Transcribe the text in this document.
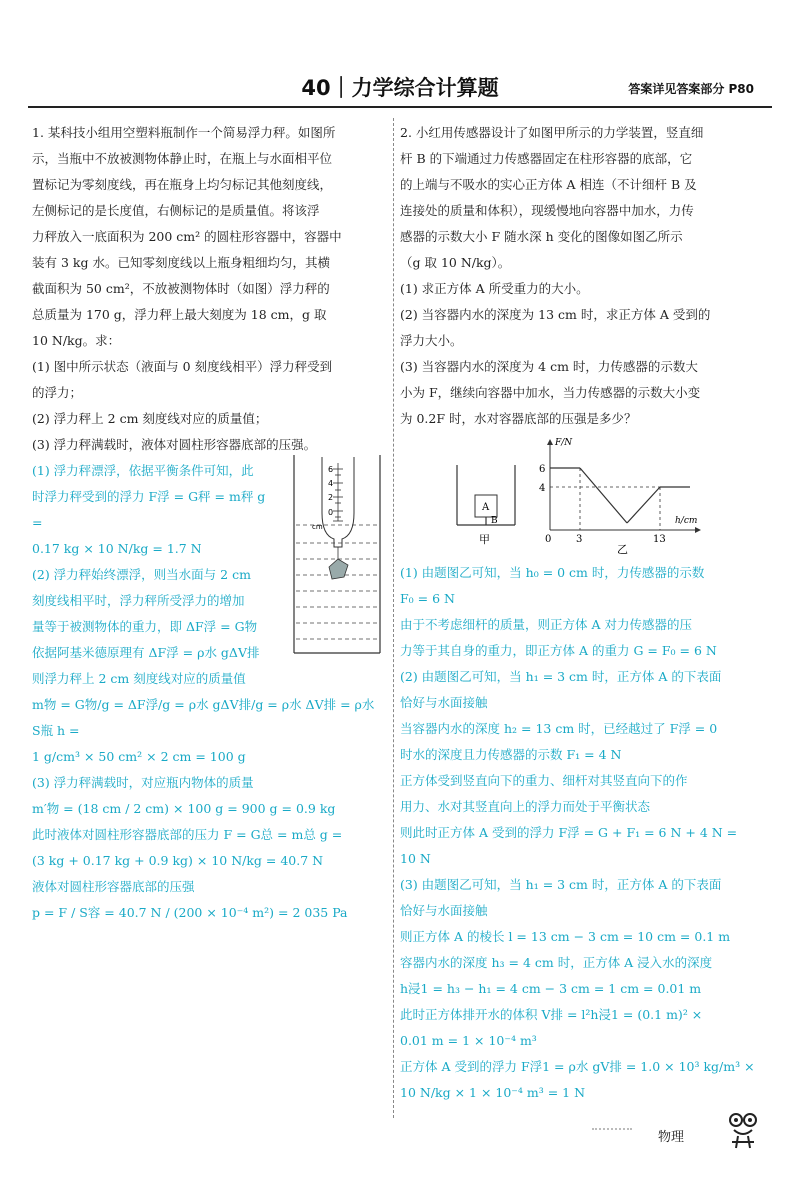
40｜力学综合计算题	答案详见答案部分 P80

1. 某科技小组用空塑料瓶制作一个简易浮力秤。如图所

示，当瓶中不放被测物体静止时，在瓶上与水面相平位

置标记为零刻度线，再在瓶身上均匀标记其他刻度线，

左侧标记的是长度值，右侧标记的是质量值。将该浮

力秤放入一底面积为 200 cm² 的圆柱形容器中，容器中

装有 3 kg 水。已知零刻度线以上瓶身粗细均匀，其横

截面积为 50 cm²，不放被测物体时（如图）浮力秤的

总质量为 170 g，浮力秤上最大刻度为 18 cm，g 取

10 N/kg。求：

(1) 图中所示状态（液面与 0 刻度线相平）浮力秤受到

的浮力；

(2) 浮力秤上 2 cm 刻度线对应的质量值；

(3) 浮力秤满载时，液体对圆柱形容器底部的压强。

(1) 浮力秤漂浮，依据平衡条件可知，此

时浮力秤受到的浮力 F浮 = G秤 = m秤 g =

0.17 kg × 10 N/kg = 1.7 N

(2) 浮力秤始终漂浮，则当水面与 2 cm

刻度线相平时，浮力秤所受浮力的增加

量等于被测物体的重力，即 ΔF浮 = G物

依据阿基米德原理有 ΔF浮 = ρ水 gΔV排

则浮力秤上 2 cm 刻度线对应的质量值

m物 = G物/g = ΔF浮/g = ρ水 gΔV排/g = ρ水 ΔV排 = ρ水 S瓶 h =

1 g/cm³ × 50 cm² × 2 cm = 100 g

(3) 浮力秤满载时，对应瓶内物体的质量

m′物 = (18 cm / 2 cm) × 100 g = 900 g = 0.9 kg

此时液体对圆柱形容器底部的压力 F = G总 = m总 g =

(3 kg + 0.17 kg + 0.9 kg) × 10 N/kg = 40.7 N

液体对圆柱形容器底部的压强

p = F / S容 = 40.7 N / (200 × 10⁻⁴ m²) = 2 035 Pa

6
4
2
0
cm

2. 小红用传感器设计了如图甲所示的力学装置，竖直细

杆 B 的下端通过力传感器固定在柱形容器的底部，它

的上端与不吸水的实心正方体 A 相连（不计细杆 B 及

连接处的质量和体积），现缓慢地向容器中加水，力传

感器的示数大小 F 随水深 h 变化的图像如图乙所示

（g 取 10 N/kg）。

(1) 求正方体 A 所受重力的大小。

(2) 当容器内水的深度为 13 cm 时，求正方体 A 受到的

浮力大小。

(3) 当容器内水的深度为 4 cm 时，力传感器的示数大

小为 F，继续向容器中加水，当力传感器的示数大小变

为 0.2F 时，水对容器底部的压强是多少？

(1) 由题图乙可知，当 h₀ = 0 cm 时，力传感器的示数

F₀ = 6 N

由于不考虑细杆的质量，则正方体 A 对力传感器的压

力等于其自身的重力，即正方体 A 的重力 G = F₀ = 6 N

(2) 由题图乙可知，当 h₁ = 3 cm 时，正方体 A 的下表面

恰好与水面接触

当容器内水的深度 h₂ = 13 cm 时，已经越过了 F浮 = 0

时水的深度且力传感器的示数 F₁ = 4 N

正方体受到竖直向下的重力、细杆对其竖直向下的作

用力、水对其竖直向上的浮力而处于平衡状态

则此时正方体 A 受到的浮力 F浮 = G + F₁ = 6 N + 4 N =

10 N

(3) 由题图乙可知，当 h₁ = 3 cm 时，正方体 A 的下表面

恰好与水面接触

则正方体 A 的棱长 l = 13 cm − 3 cm = 10 cm = 0.1 m

容器内水的深度 h₃ = 4 cm 时，正方体 A 浸入水的深度

h浸1 = h₃ − h₁ = 4 cm − 3 cm = 1 cm = 0.01 m

此时正方体排开水的体积 V排 = l²h浸1 = (0.1 m)² ×

0.01 m = 1 × 10⁻⁴ m³

正方体 A 受到的浮力 F浮1 = ρ水 gV排 = 1.0 × 10³ kg/m³ ×

10 N/kg × 1 × 10⁻⁴ m³ = 1 N

A
B
甲
F/N
h/cm
6
4
0 3	13
乙
物理
